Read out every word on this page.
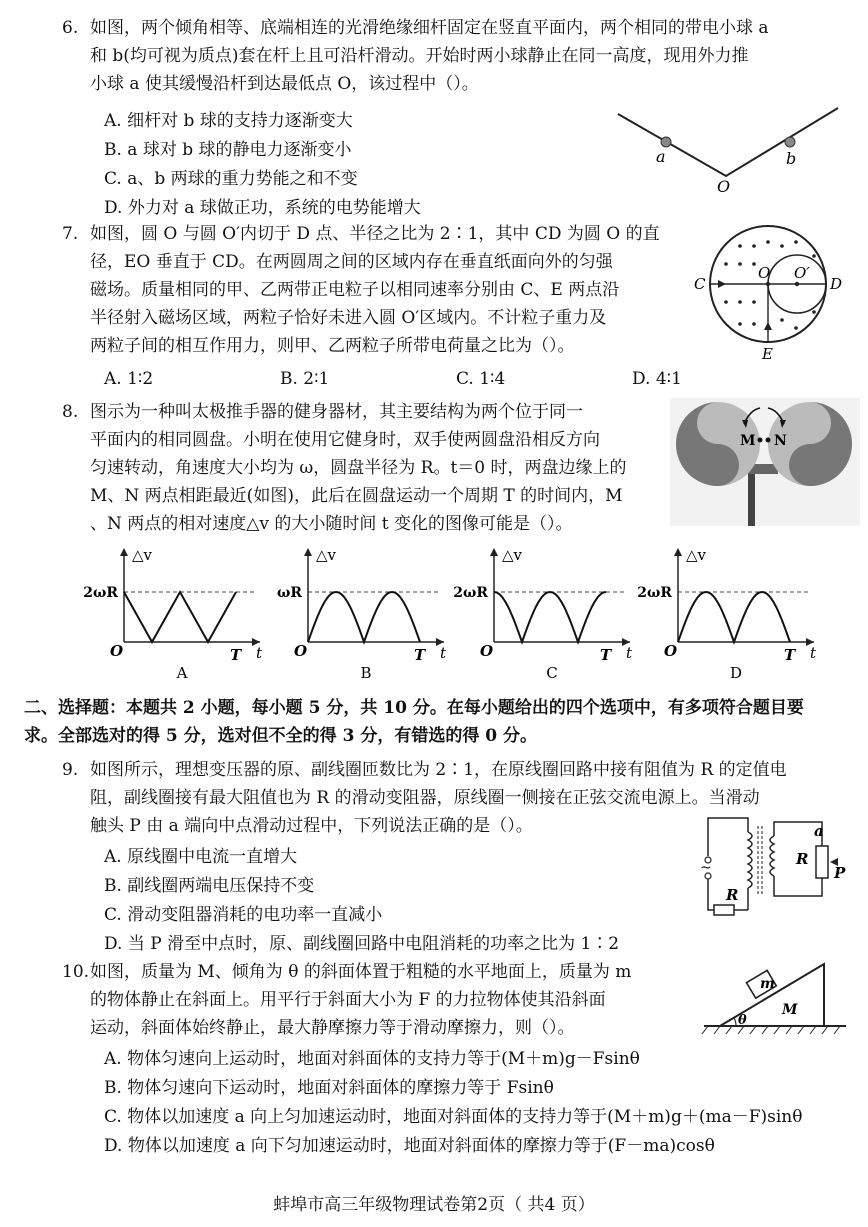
6. 如图，两个倾角相等、底端相连的光滑绝缘细杆固定在竖直平面内，两个相同的带电小球 a
和 b(均可视为质点)套在杆上且可沿杆滑动。开始时两小球静止在同一高度，现用外力推
小球 a 使其缓慢沿杆到达最低点 O，该过程中（）。
A. 细杆对 b 球的支持力逐渐变大
B. a 球对 b 球的静电力逐渐变小
C. a、b 两球的重力势能之和不变
D. 外力对 a 球做正功，系统的电势能增大
a	b
O
7. 如图，圆 O 与圆 O′内切于 D 点、半径之比为 2∶1，其中 CD 为圆 O 的直
径，EO 垂直于 CD。在两圆周之间的区域内存在垂直纸面向外的匀强
磁场。质量相同的甲、乙两带正电粒子以相同速率分别由 C、E 两点沿
半径射入磁场区域，两粒子恰好未进入圆 O′区域内。不计粒子重力及
两粒子间的相互作用力，则甲、乙两粒子所带电荷量之比为（）。
A. 1∶2	B. 2∶1	C. 1∶4	D. 4∶1
C	D
O O′
E
8. 图示为一种叫太极推手器的健身器材，其主要结构为两个位于同一
平面内的相同圆盘。小明在使用它健身时，双手使两圆盘沿相反方向
匀速转动，角速度大小均为 ω，圆盘半径为 R。t＝0 时，两盘边缘上的
M、N 两点相距最近(如图)，此后在圆盘运动一个周期 T 的时间内，M
、N 两点的相对速度△v 的大小随时间 t 变化的图像可能是（）。
M N
△v
2ωR
O	T t
A
△v
ωR
O	T t
B
△v
2ωR
O	T t
C
△v
2ωR
O	T t
D
二、选择题：本题共 2 小题，每小题 5 分，共 10 分。在每小题给出的四个选项中，有多项符合题目要
求。全部选对的得 5 分，选对但不全的得 3 分，有错选的得 0 分。
9. 如图所示，理想变压器的原、副线圈匝数比为 2∶1，在原线圈回路中接有阻值为 R 的定值电
阻，副线圈接有最大阻值也为 R 的滑动变阻器，原线圈一侧接在正弦交流电源上。当滑动
触头 P 由 a 端向中点滑动过程中，下列说法正确的是（）。
A. 原线圈中电流一直增大
B. 副线圈两端电压保持不变
C. 滑动变阻器消耗的电功率一直减小
D. 当 P 滑至中点时，原、副线圈回路中电阻消耗的功率之比为 1∶2
~
R
R
a
P
10.如图，质量为 M、倾角为 θ 的斜面体置于粗糙的水平地面上，质量为 m
的物体静止在斜面上。用平行于斜面大小为 F 的力拉物体使其沿斜面
运动，斜面体始终静止，最大静摩擦力等于滑动摩擦力，则（）。
A. 物体匀速向上运动时，地面对斜面体的支持力等于(M＋m)g－Fsinθ
B. 物体匀速向下运动时，地面对斜面体的摩擦力等于 Fsinθ
C. 物体以加速度 a 向上匀加速运动时，地面对斜面体的支持力等于(M＋m)g＋(ma－F)sinθ
D. 物体以加速度 a 向下匀加速运动时，地面对斜面体的摩擦力等于(F－ma)cosθ
m
M
θ
蚌埠市高三年级物理试卷第2页（ 共4 页）
